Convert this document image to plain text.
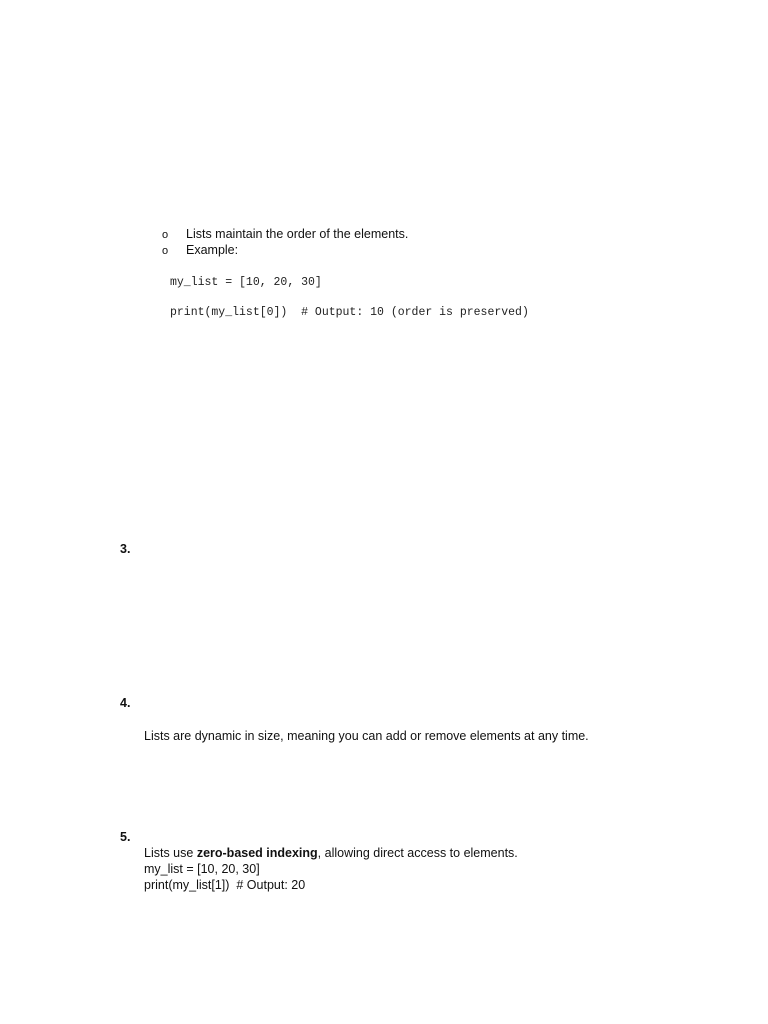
o Lists maintain the order of the elements.
o Example:
my_list = [10, 20, 30]
print(my_list[0])  # Output: 10 (order is preserved)
3.
4.
Lists are dynamic in size, meaning you can add or remove elements at any time.
5.
Lists use zero-based indexing, allowing direct access to elements.
my_list = [10, 20, 30]
print(my_list[1])  # Output: 20
